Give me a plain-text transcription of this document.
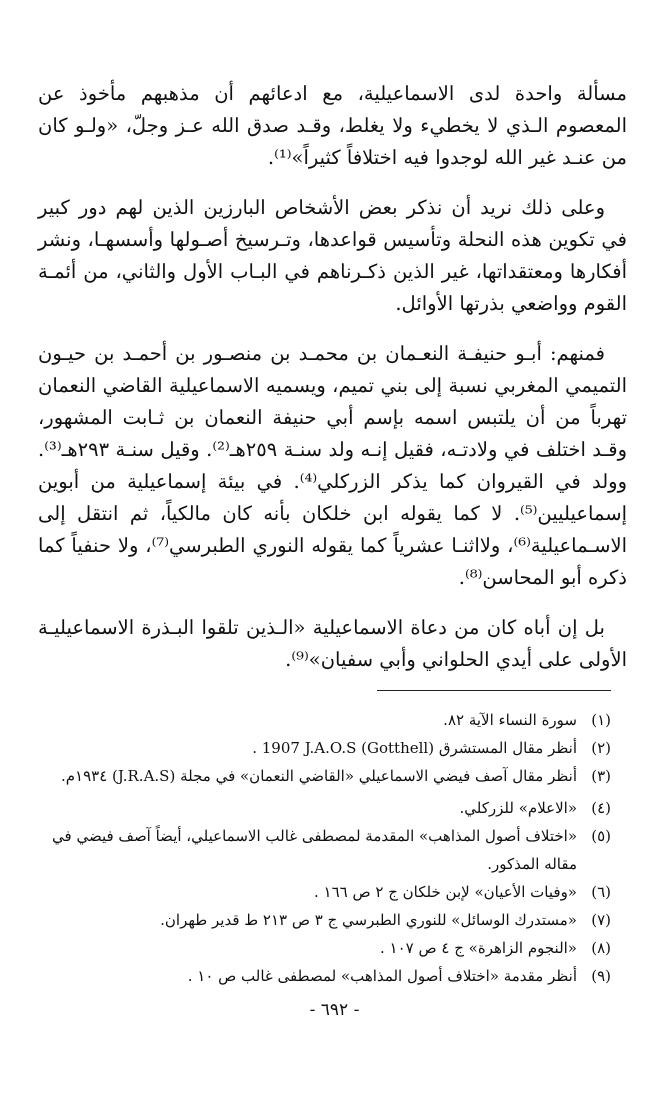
مسألة واحدة لدى الاسماعيلية، مع ادعائهم أن مذهبهم مأخوذ عن المعصوم الـذي لا يخطيء ولا يغلط، وقـد صدق الله عـز وجلّ، «ولـو كان من عنـد غير الله لوجدوا فيه اختلافاً كثيراً»⁽¹⁾.

وعلى ذلك نريد أن نذكر بعض الأشخاص البارزين الذين لهم دور كبير في تكوين هذه النحلة وتأسيس قواعدها، وتـرسيخ أصـولها وأسسهـا، ونشر أفكارها ومعتقداتها، غير الذين ذكـرناهم في البـاب الأول والثاني، من أئمـة القوم وواضعي بذرتها الأوائل.

فمنهم: أبـو حنيفـة النعـمان بن محمـد بن منصـور بن أحمـد بن حيـون التميمي المغربي نسبة إلى بني تميم، ويسميه الاسماعيلية القاضي النعمان تهرباً من أن يلتبس اسمه بإسم أبي حنيفة النعمان بن ثـابت المشهور، وقـد اختلف في ولادتـه، فقيل إنـه ولد سنـة ٢٥٩هـ⁽²⁾. وقيل سنـة ٢٩٣هـ⁽³⁾. وولد في القيروان كما يذكر الزركلي⁽⁴⁾. في بيئة إسماعيلية من أبوين إسماعيليين⁽⁵⁾. لا كما يقوله ابن خلكان بأنه كان مالكياً، ثم انتقل إلى الاسـماعيلية⁽⁶⁾، ولااثنـا عشرياً كما يقوله النوري الطبرسي⁽⁷⁾، ولا حنفياً كما ذكره أبو المحاسن⁽⁸⁾.

بل إن أباه كان من دعاة الاسماعيلية «الـذين تلقوا البـذرة الاسماعيليـة الأولى على أيدي الحلواني وأبي سفيان»⁽⁹⁾.

(١)
سورة النساء الآية ٨٢.
(٢)
أنظر مقال المستشرق (Gotthell) 1907 J.A.O.S .
(٣)
أنظر مقال آصف فيضي الاسماعيلي «القاضي النعمان» في مجلة (J.R.A.S) ١٩٣٤م.
(٤)
«الاعلام» للزركلي.
(٥)
«اختلاف أصول المذاهب» المقدمة لمصطفى غالب الاسماعيلي، أيضاً آصف فيضي في مقاله المذكور.
(٦)
«وفيات الأعيان» لإبن خلكان ج ٢ ص ١٦٦ .
(٧)
«مستدرك الوسائل» للنوري الطبرسي ج ٣ ص ٢١٣ ط قدير طهران.
(٨)
«النجوم الزاهرة» ج ٤ ص ١٠٧ .
(٩)
أنظر مقدمة «اختلاف أصول المذاهب» لمصطفى غالب ص ١٠ .
- ٦٩٢ -
